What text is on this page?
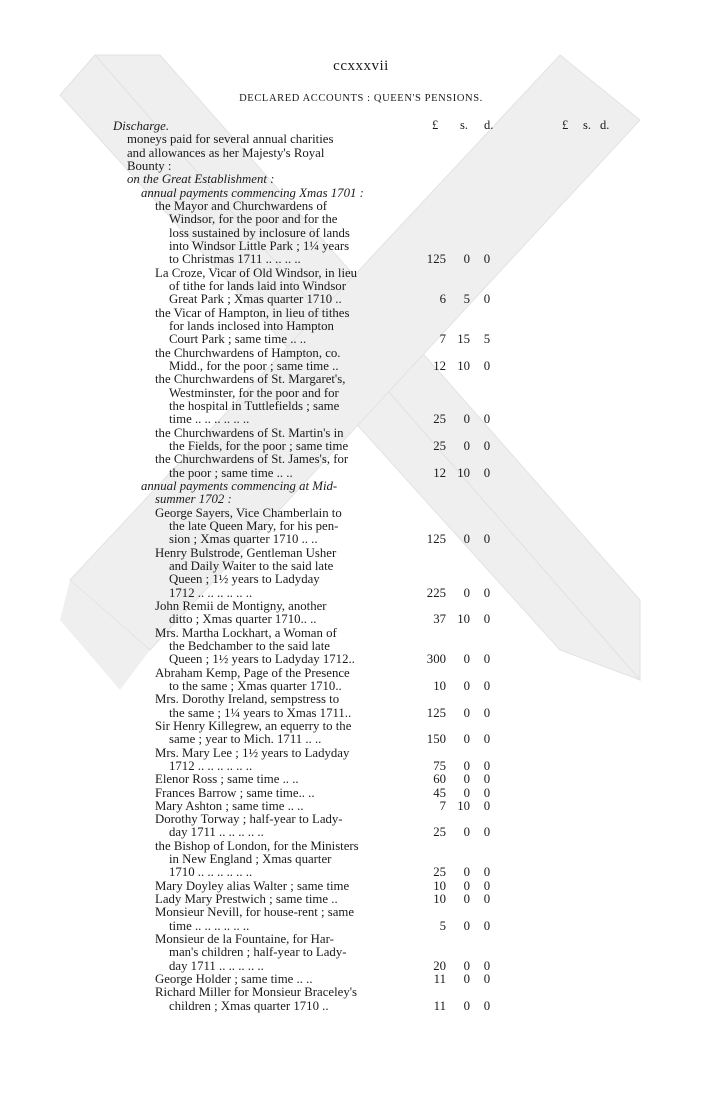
ccxxxvii
DECLARED ACCOUNTS : QUEEN'S PENSIONS.
£ s. d.	£ s. d.
Discharge.
moneys paid for several annual charities
and allowances as her Majesty's Royal
Bounty :
on the Great Establishment :
annual payments commencing Xmas 1701 :
the Mayor and Churchwardens of
Windsor, for the poor and for the
loss sustained by inclosure of lands
into Windsor Little Park ; 1¼ years
to Christmas 1711 .. .. .. ..	125	0 0
La Croze, Vicar of Old Windsor, in lieu
of tithe for lands laid into Windsor
Great Park ; Xmas quarter 1710 ..	6	5 0
the Vicar of Hampton, in lieu of tithes
for lands inclosed into Hampton
Court Park ; same time .. ..	7 15 5
the Churchwardens of Hampton, co.
Midd., for the poor ; same time ..	12 10 0
the Churchwardens of St. Margaret's,
Westminster, for the poor and for
the hospital in Tuttlefields ; same
time .. .. .. .. .. ..	25	0 0
the Churchwardens of St. Martin's in
the Fields, for the poor ; same time	25	0 0
the Churchwardens of St. James's, for
the poor ; same time .. ..	12 10 0
annual payments commencing at Mid-
summer 1702 :
George Sayers, Vice Chamberlain to
the late Queen Mary, for his pen-
sion ; Xmas quarter 1710 .. ..	125	0 0
Henry Bulstrode, Gentleman Usher
and Daily Waiter to the said late
Queen ; 1½ years to Ladyday
1712 .. .. .. .. .. ..	225	0 0
John Remii de Montigny, another
ditto ; Xmas quarter 1710.. ..	37 10 0
Mrs. Martha Lockhart, a Woman of
the Bedchamber to the said late
Queen ; 1½ years to Ladyday 1712..	300	0 0
Abraham Kemp, Page of the Presence
to the same ; Xmas quarter 1710..	10	0 0
Mrs. Dorothy Ireland, sempstress to
the same ; 1¼ years to Xmas 1711..	125	0 0
Sir Henry Killegrew, an equerry to the
same ; year to Mich. 1711 .. ..	150	0 0
Mrs. Mary Lee ; 1½ years to Ladyday
1712 .. .. .. .. .. ..	75	0 0
Elenor Ross ; same time .. ..	60	0 0
Frances Barrow ; same time.. ..	45	0 0
Mary Ashton ; same time .. ..	7 10 0
Dorothy Torway ; half-year to Lady-
day 1711 .. .. .. .. ..	25	0 0
the Bishop of London, for the Ministers
in New England ; Xmas quarter
1710 .. .. .. .. .. ..	25	0 0
Mary Doyley alias Walter ; same time	10	0 0
Lady Mary Prestwich ; same time ..	10	0 0
Monsieur Nevill, for house-rent ; same
time .. .. .. .. .. ..	5	0 0
Monsieur de la Fountaine, for Har-
man's children ; half-year to Lady-
day 1711 .. .. .. .. ..	20	0 0
George Holder ; same time .. ..	11	0 0
Richard Miller for Monsieur Braceley's
children ; Xmas quarter 1710 ..	11	0 0
